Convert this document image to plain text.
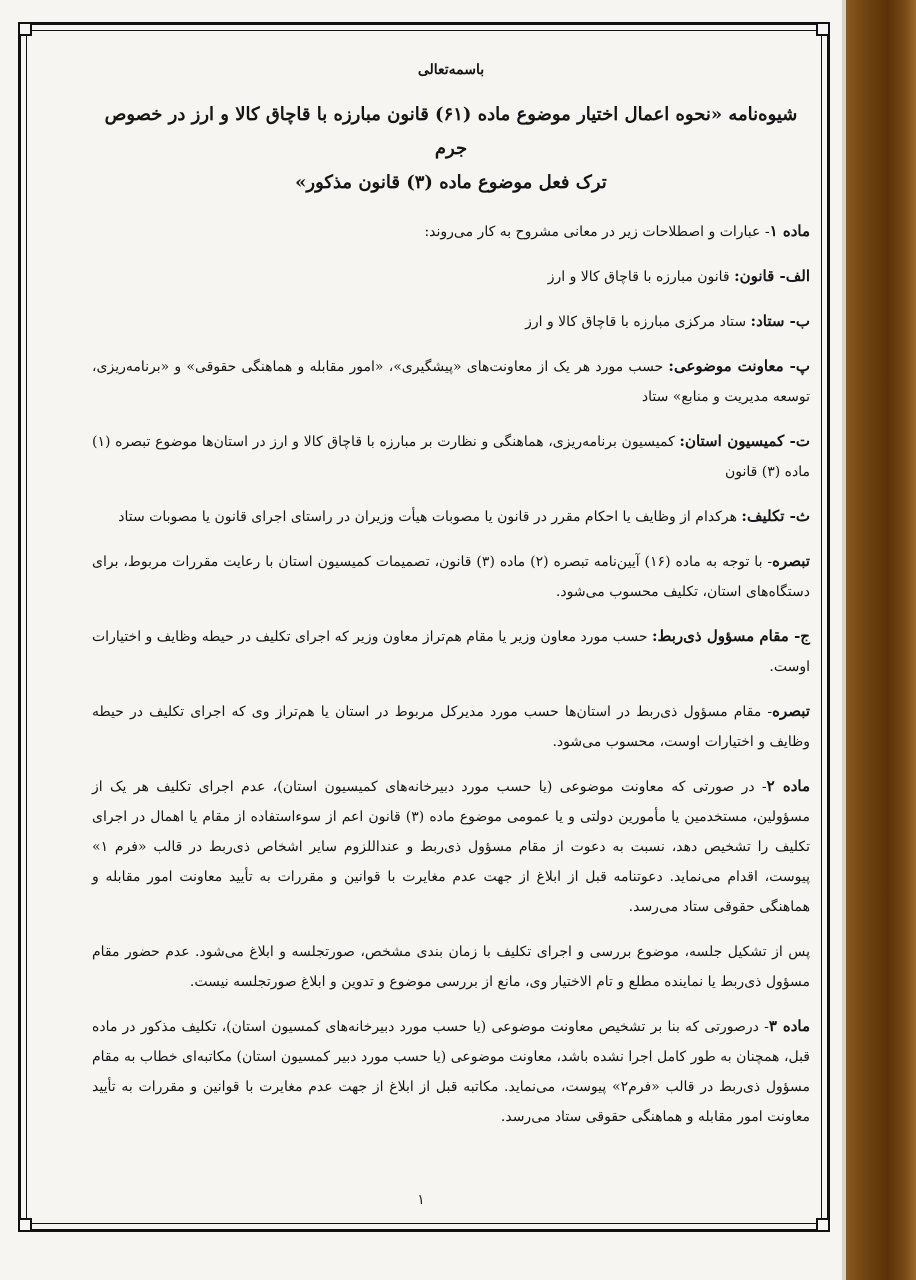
باسمه‌تعالی
شیوه‌نامه «نحوه اعمال اختیار موضوع ماده (۶۱) قانون مبارزه با قاچاق کالا و ارز در خصوص جرم
ترک فعل موضوع ماده (۳) قانون مذکور»

ماده ۱- عبارات و اصطلاحات زیر در معانی مشروح به کار می‌روند:

الف- قانون: قانون مبارزه با قاچاق کالا و ارز

ب- ستاد: ستاد مرکزی مبارزه با قاچاق کالا و ارز

پ- معاونت موضوعی: حسب مورد هر یک از معاونت‌های «پیشگیری»، «امور مقابله و هماهنگی حقوقی» و «برنامه‌ریزی، توسعه مدیریت و منابع» ستاد

ت- کمیسیون استان: کمیسیون برنامه‌ریزی، هماهنگی و نظارت بر مبارزه با قاچاق کالا و ارز در استان‌ها موضوع تبصره (۱) ماده (۳) قانون

ث- تکلیف: هرکدام از وظایف یا احکام مقرر در قانون یا مصوبات هیأت وزیران در راستای اجرای قانون یا مصوبات ستاد

تبصره- با توجه به ماده (۱۶) آیین‌نامه تبصره (۲) ماده (۳) قانون، تصمیمات کمیسیون استان با رعایت مقررات مربوط، برای دستگاه‌های استان، تکلیف محسوب می‌شود.

ج- مقام مسؤول ذی‌ربط: حسب مورد معاون وزیر یا مقام هم‌تراز معاون وزیر که اجرای تکلیف در حیطه وظایف و اختیارات اوست.

تبصره- مقام مسؤول ذی‌ربط در استان‌ها حسب مورد مدیرکل مربوط در استان یا هم‌تراز وی که اجرای تکلیف در حیطه وظایف و اختیارات اوست، محسوب می‌شود.

ماده ۲- در صورتی که معاونت موضوعی (یا حسب مورد دبیرخانه‌های کمیسیون استان)، عدم اجرای تکلیف هر یک از مسؤولین، مستخدمین یا مأمورین دولتی و یا عمومی موضوع ماده (۳) قانون اعم از سوءاستفاده از مقام یا اهمال در اجرای تکلیف را تشخیص دهد، نسبت به دعوت از مقام مسؤول ذی‌ربط و عنداللزوم سایر اشخاص ذی‌ربط در قالب «فرم ۱» پیوست، اقدام می‌نماید. دعوتنامه قبل از ابلاغ از جهت عدم مغایرت با قوانین و مقررات به تأیید معاونت امور مقابله و هماهنگی حقوقی ستاد می‌رسد.

پس از تشکیل جلسه، موضوع بررسی و اجرای تکلیف با زمان بندی مشخص، صورتجلسه و ابلاغ می‌شود. عدم حضور مقام مسؤول ذی‌ربط یا نماینده مطلع و تام الاختیار وی، مانع از بررسی موضوع و تدوین و ابلاغ صورتجلسه نیست.

ماده ۳- درصورتی که بنا بر تشخیص معاونت موضوعی (یا حسب مورد دبیرخانه‌های کمسیون استان)، تکلیف مذکور در ماده قبل، همچنان به طور کامل اجرا نشده باشد، معاونت موضوعی (یا حسب مورد دبیر کمسیون استان) مکاتبه‌ای خطاب به مقام مسؤول ذی‌ربط در قالب «فرم۲» پیوست، می‌نماید. مکاتبه قبل از ابلاغ از جهت عدم مغایرت با قوانین و مقررات به تأیید معاونت امور مقابله و هماهنگی حقوقی ستاد می‌رسد.

۱
